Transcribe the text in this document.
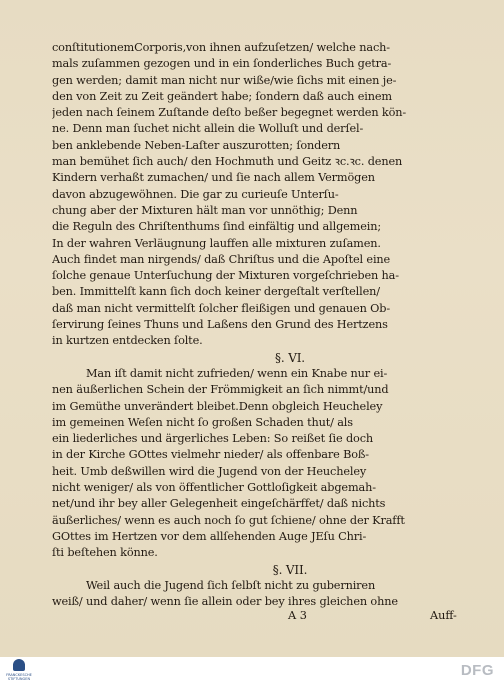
conſtitutionemCorporis,von ihnen aufzuſetzen/ welche nach-
mals zuſammen gezogen und in ein ſonderliches Buch getra-
gen werden; damit man nicht nur wiße/wie ſichs mit einen je-
den von Zeit zu Zeit geändert habe; ſondern daß auch einem
jeden nach ſeinem Zuſtande deſto beßer begegnet werden kön-
ne. Denn man ſuchet nicht allein die Wolluſt und derſel-
ben anklebende Neben-Laſter auszurotten; ſondern
man bemühet ſich auch/ den Hochmuth und Geitz ꝛc.ꝛc. denen
Kindern verhaßt zumachen/ und ſie nach allem Vermögen
davon abzugewöhnen. Die gar zu curieuſe Unterſu-
chung aber der Mixturen hält man vor unnöthig; Denn
die Reguln des Chriſtenthums ſind einfältig und allgemein;
In der wahren Verläugnung lauffen alle mixturen zuſamen.
Auch findet man nirgends/ daß Chriſtus und die Apoſtel eine
ſolche genaue Unterſuchung der Mixturen vorgeſchrieben ha-
ben. Immittelſt kann ſich doch keiner dergeſtalt verſtellen/
daß man nicht vermittelſt ſolcher fleißigen und genauen Ob-
ſervirung ſeines Thuns und Laßens den Grund des Hertzens
in kurtzen entdecken ſolte.
§. VI.
Man iſt damit nicht zufrieden/ wenn ein Knabe nur ei-
nen äußerlichen Schein der Frömmigkeit an ſich nimmt/und
im Gemüthe unverändert bleibet.Denn obgleich Heucheley
im gemeinen Weſen nicht ſo großen Schaden thut/ als
ein liederliches und ärgerliches Leben: So reißet ſie doch
in der Kirche GOttes vielmehr nieder/ als offenbare Boß-
heit. Umb deßwillen wird die Jugend von der Heucheley
nicht weniger/ als von öffentlicher Gottloſigkeit abgemah-
net/und ihr bey aller Gelegenheit eingeſchärffet/ daß nichts
äußerliches/ wenn es auch noch ſo gut ſchiene/ ohne der Krafft
GOttes im Hertzen vor dem allſehenden Auge JEſu Chri-
ſti beſtehen könne.
§. VII.
Weil auch die Jugend ſich ſelbſt nicht zu guberniren
weiß/ und daher/ wenn ſie allein oder bey ihres gleichen ohne
A 3	Auff-
FRANCKESCHE STIFTUNGEN	DFG
